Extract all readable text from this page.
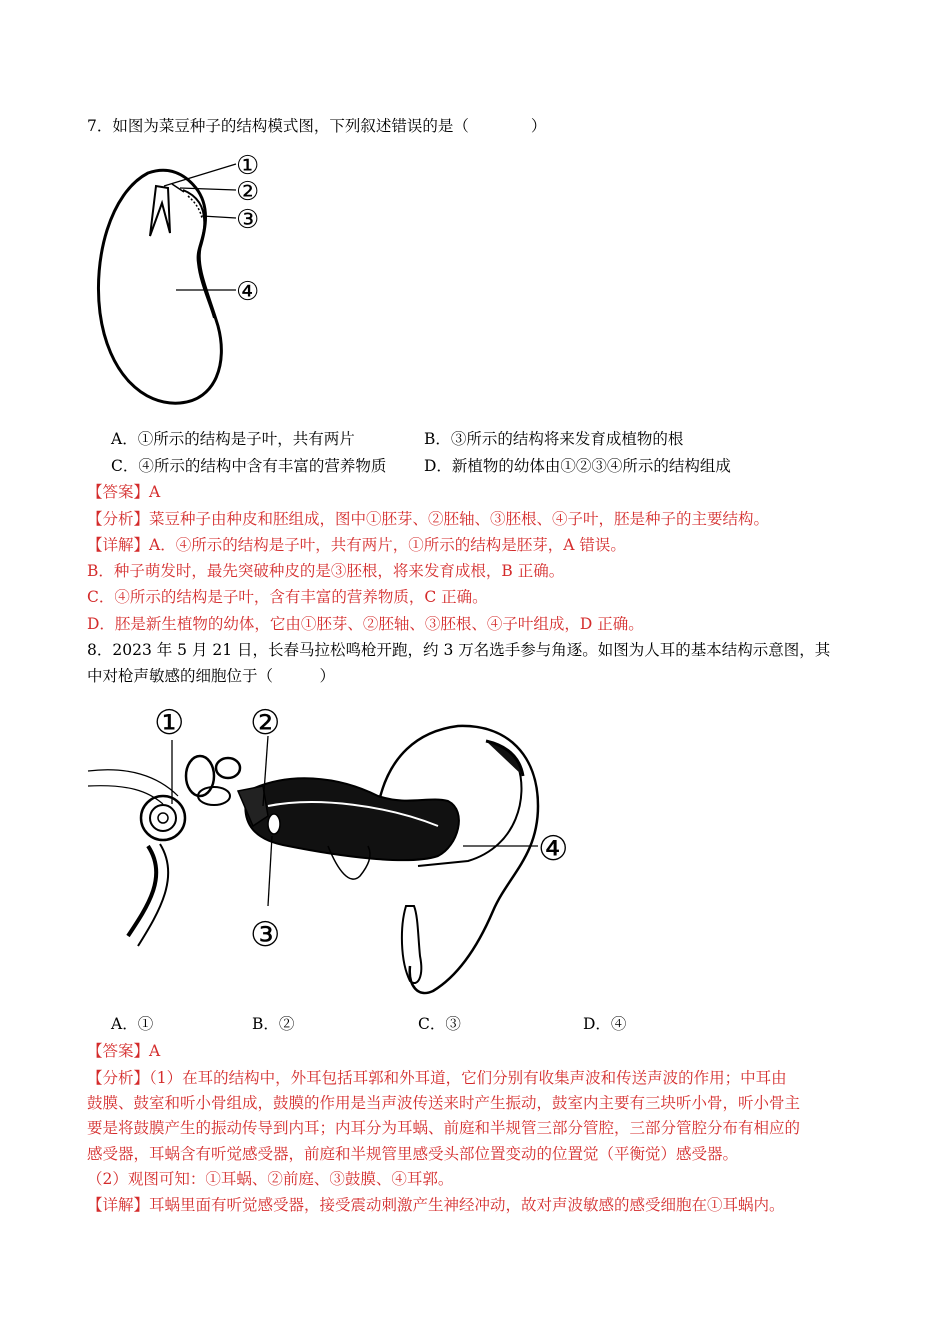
7．如图为菜豆种子的结构模式图，下列叙述错误的是（　　　　）
①
②
③
④
A．①所示的结构是子叶，共有两片	B．③所示的结构将来发育成植物的根
C．④所示的结构中含有丰富的营养物质 D．新植物的幼体由①②③④所示的结构组成
【答案】A
【分析】菜豆种子由种皮和胚组成，图中①胚芽、②胚轴、③胚根、④子叶，胚是种子的主要结构。
【详解】A．④所示的结构是子叶，共有两片，①所示的结构是胚芽，A 错误。
B．种子萌发时，最先突破种皮的是③胚根，将来发育成根，B 正确。
C．④所示的结构是子叶，含有丰富的营养物质，C 正确。
D．胚是新生植物的幼体，它由①胚芽、②胚轴、③胚根、④子叶组成，D 正确。
8．2023 年 5 月 21 日，长春马拉松鸣枪开跑，约 3 万名选手参与角逐。如图为人耳的基本结构示意图，其
中对枪声敏感的细胞位于（　　　）
① ②
③
④
A．①	B．②	C．③	D．④
【答案】A
【分析】（1）在耳的结构中，外耳包括耳郭和外耳道，它们分别有收集声波和传送声波的作用；中耳由
鼓膜、鼓室和听小骨组成，鼓膜的作用是当声波传送来时产生振动，鼓室内主要有三块听小骨，听小骨主
要是将鼓膜产生的振动传导到内耳；内耳分为耳蜗、前庭和半规管三部分管腔，三部分管腔分布有相应的
感受器，耳蜗含有听觉感受器，前庭和半规管里感受头部位置变动的位置觉（平衡觉）感受器。
（2）观图可知：①耳蜗、②前庭、③鼓膜、④耳郭。
【详解】耳蜗里面有听觉感受器，接受震动刺激产生神经冲动，故对声波敏感的感受细胞在①耳蜗内。
